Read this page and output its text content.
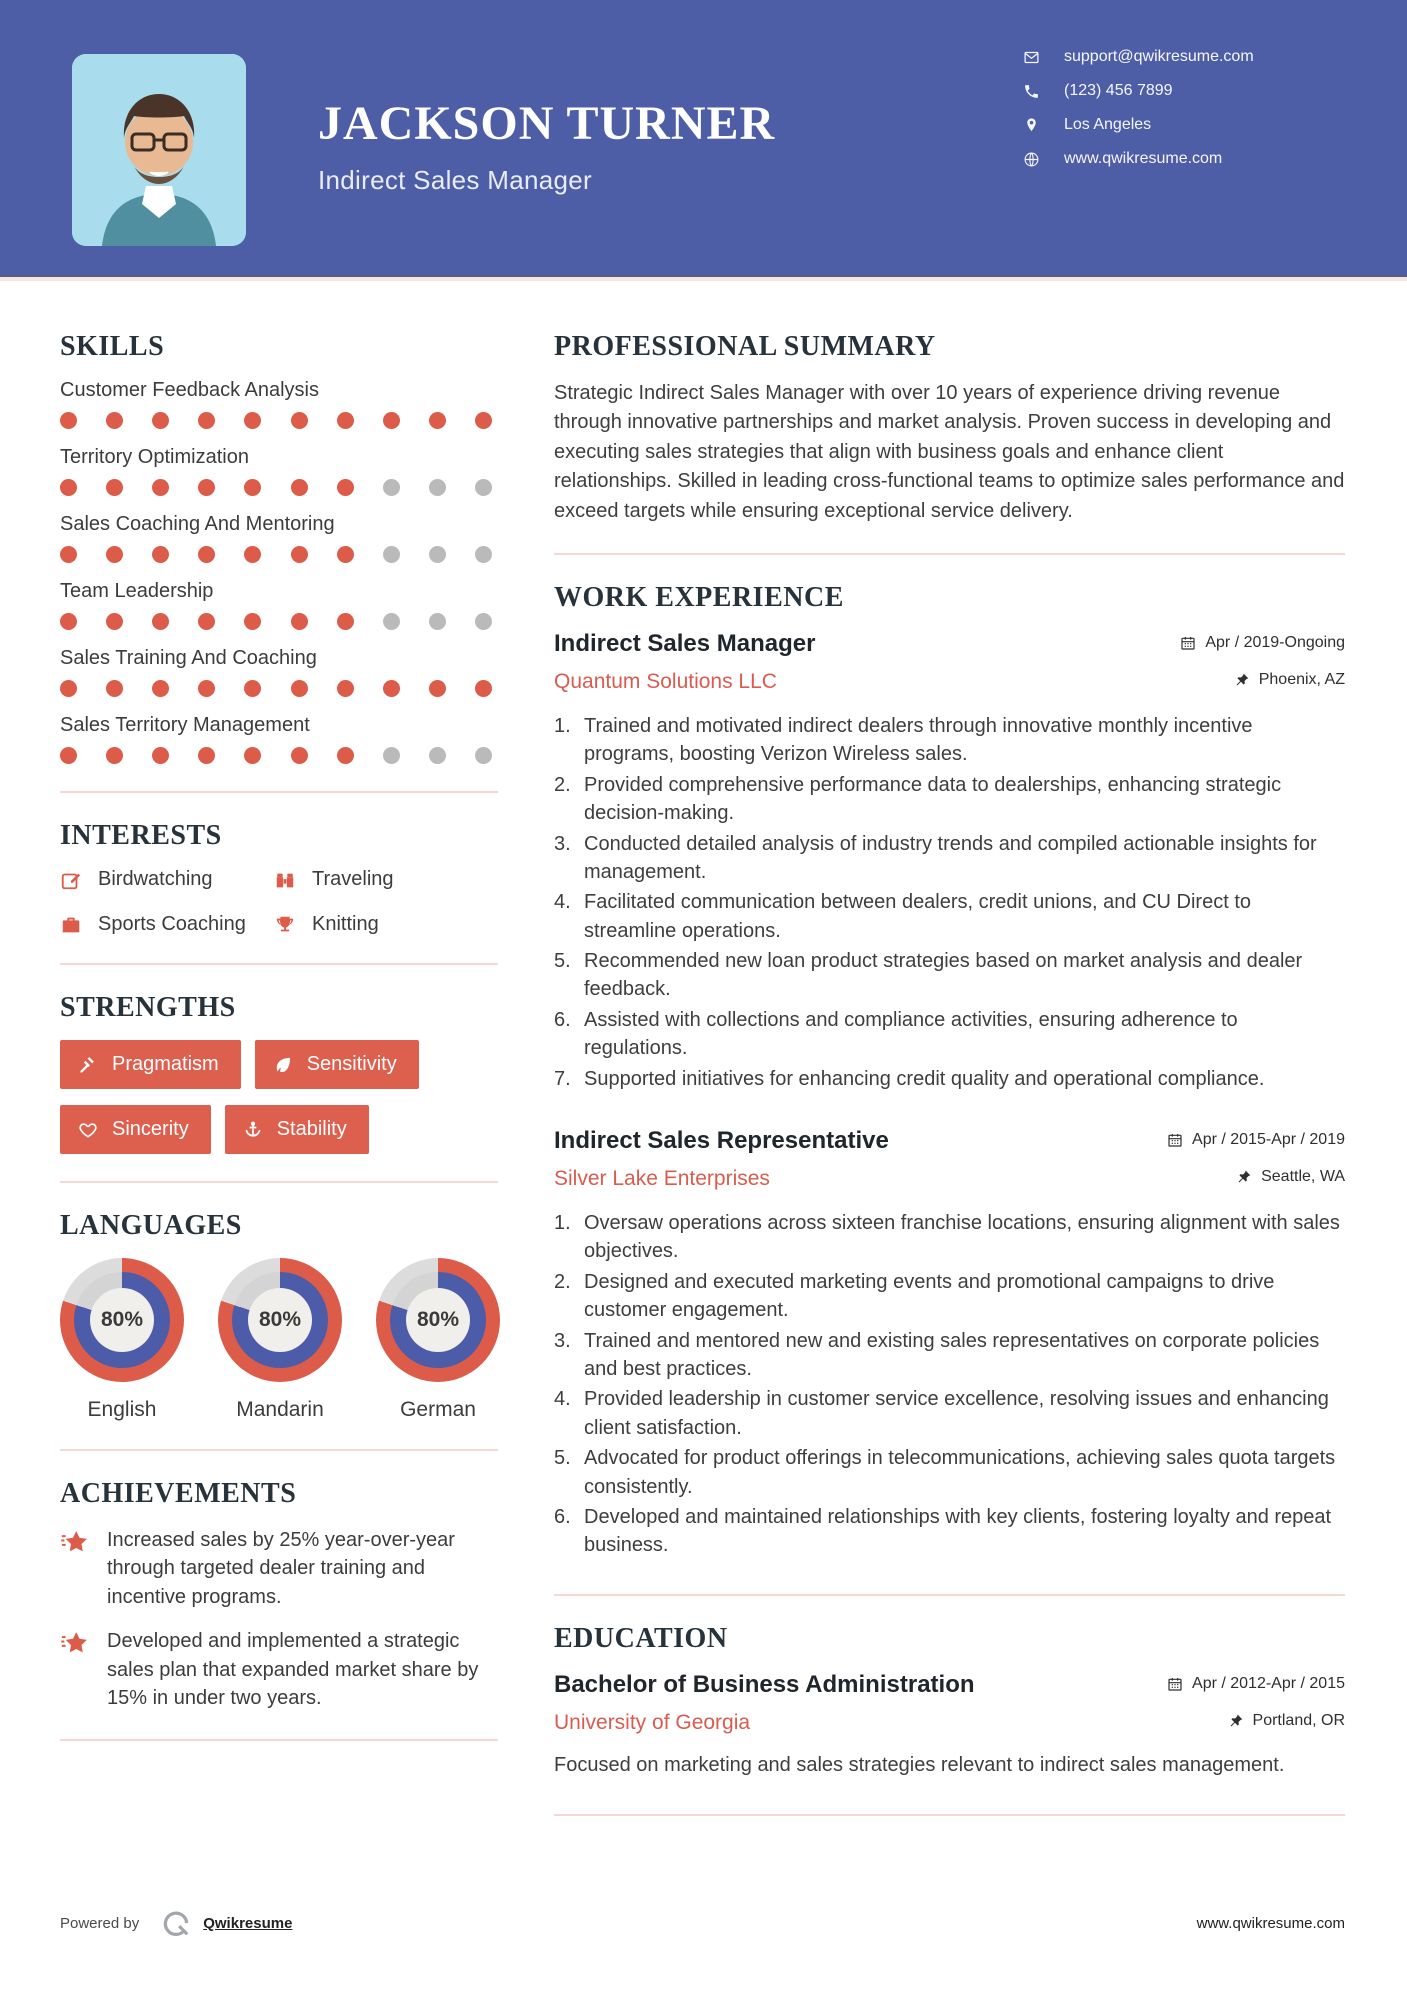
JACKSON TURNER
Indirect Sales Manager
support@qwikresume.com
(123) 456 7899
Los Angeles
www.qwikresume.com
SKILLS
Customer Feedback Analysis
Territory Optimization
Sales Coaching And Mentoring
Team Leadership
Sales Training And Coaching
Sales Territory Management
INTERESTS
Birdwatching	Traveling
Sports Coaching	Knitting
STRENGTHS
Pragmatism	Sensitivity
Sincerity	Stability
LANGUAGES
80%
English
80%
Mandarin
80%
German
ACHIEVEMENTS

Increased sales by 25% year-over-year through targeted dealer training and incentive programs.

Developed and implemented a strategic sales plan that expanded market share by 15% in under two years.

PROFESSIONAL SUMMARY

Strategic Indirect Sales Manager with over 10 years of experience driving revenue through innovative partnerships and market analysis. Proven success in developing and executing sales strategies that align with business goals and enhance client relationships. Skilled in leading cross-functional teams to optimize sales performance and exceed targets while ensuring exceptional service delivery.

WORK EXPERIENCE
Indirect Sales Manager	Apr / 2019-Ongoing
Quantum Solutions LLC	Phoenix, AZ
Trained and motivated indirect dealers through innovative monthly incentive programs, boosting Verizon Wireless sales.
Provided comprehensive performance data to dealerships, enhancing strategic decision-making.
Conducted detailed analysis of industry trends and compiled actionable insights for management.
Facilitated communication between dealers, credit unions, and CU Direct to streamline operations.
Recommended new loan product strategies based on market analysis and dealer feedback.
Assisted with collections and compliance activities, ensuring adherence to regulations.
Supported initiatives for enhancing credit quality and operational compliance.
Indirect Sales Representative	Apr / 2015-Apr / 2019
Silver Lake Enterprises	Seattle, WA
Oversaw operations across sixteen franchise locations, ensuring alignment with sales objectives.
Designed and executed marketing events and promotional campaigns to drive customer engagement.
Trained and mentored new and existing sales representatives on corporate policies and best practices.
Provided leadership in customer service excellence, resolving issues and enhancing client satisfaction.
Advocated for product offerings in telecommunications, achieving sales quota targets consistently.
Developed and maintained relationships with key clients, fostering loyalty and repeat business.
EDUCATION
Bachelor of Business Administration	Apr / 2012-Apr / 2015
University of Georgia	Portland, OR

Focused on marketing and sales strategies relevant to indirect sales management.

Powered by	Qwikresume	www.qwikresume.com
